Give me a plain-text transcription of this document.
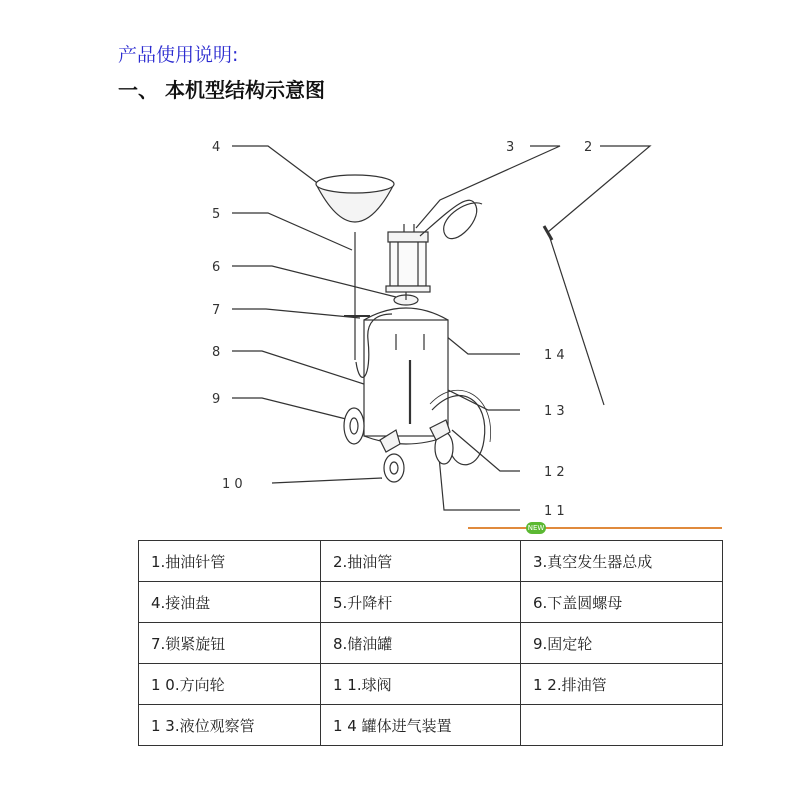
产品使用说明:
一、 本机型结构示意图
4
5
6
7
8
9
1 0
3	2
1 4
1 3
1 2
1 1
NEW
1.抽油针管	2.抽油管	3.真空发生器总成
4.接油盘	5.升降杆	6.下盖圆螺母
7.锁紧旋钮	8.储油罐	9.固定轮
1 0.方向轮	1 1.球阀	1 2.排油管
1 3.液位观察管	1 4 罐体进气装置	
